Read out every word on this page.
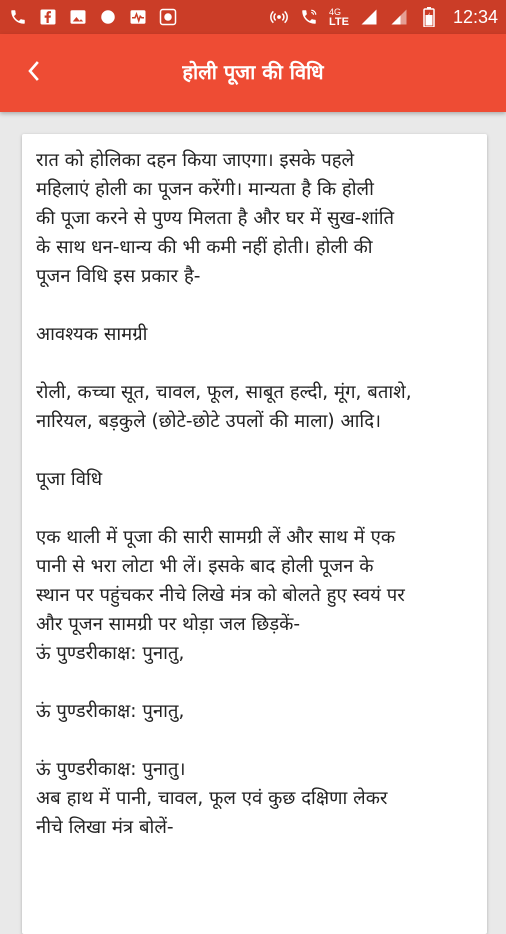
4G
LTE	12:34
होली पूजा की विधि
रात को होलिका दहन किया जाएगा। इसके पहले
महिलाएं होली का पूजन करेंगी। मान्यता है कि होली
की पूजा करने से पुण्य मिलता है और घर में सुख-शांति
के साथ धन-धान्य की भी कमी नहीं होती। होली की
पूजन विधि इस प्रकार है-
आवश्यक सामग्री
रोली, कच्चा सूत, चावल, फूल, साबूत हल्दी, मूंग, बताशे,
नारियल, बड़कुले (छोटे-छोटे उपलों की माला) आदि।
पूजा विधि
एक थाली में पूजा की सारी सामग्री लें और साथ में एक
पानी से भरा लोटा भी लें। इसके बाद होली पूजन के
स्थान पर पहुंचकर नीचे लिखे मंत्र को बोलते हुए स्वयं पर
और पूजन सामग्री पर थोड़ा जल छिड़कें-
ऊं पुण्डरीकाक्ष: पुनातु,
ऊं पुण्डरीकाक्ष: पुनातु,
ऊं पुण्डरीकाक्ष: पुनातु।
अब हाथ में पानी, चावल, फूल एवं कुछ दक्षिणा लेकर
नीचे लिखा मंत्र बोलें-
